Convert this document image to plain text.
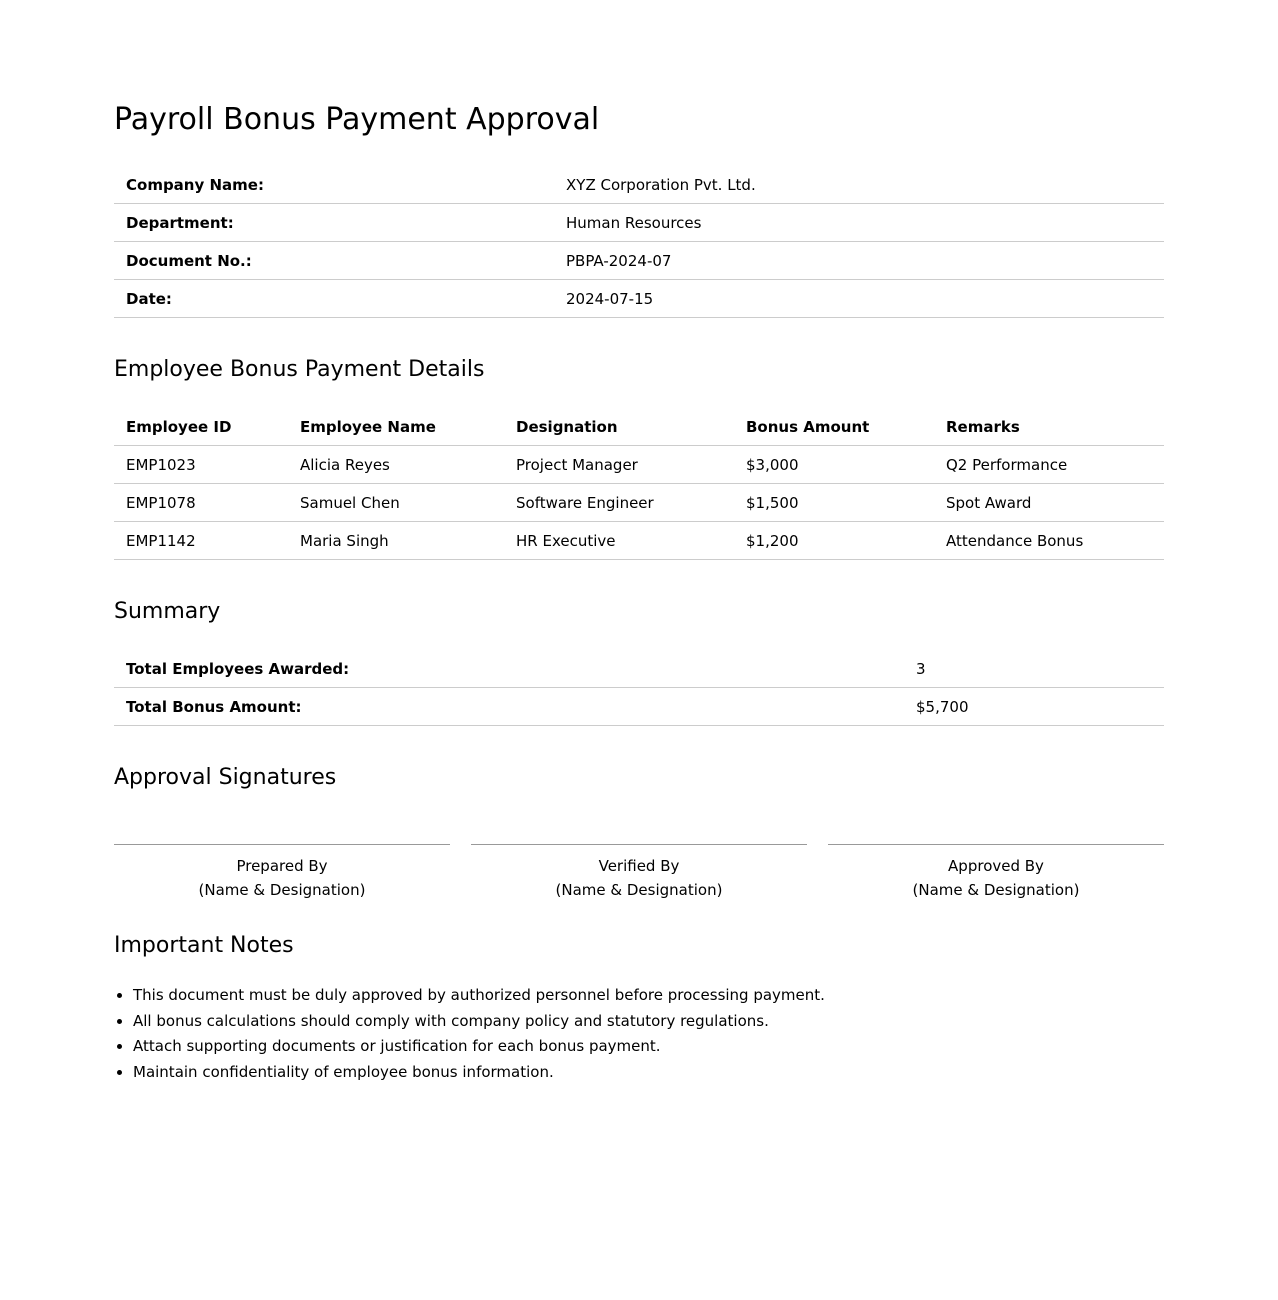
Payroll Bonus Payment Approval
Company Name:	XYZ Corporation Pvt. Ltd.
Department:	Human Resources
Document No.:	PBPA-2024-07
Date:	2024-07-15
Employee Bonus Payment Details
Employee ID	Employee Name	Designation	Bonus Amount	Remarks
EMP1023	Alicia Reyes	Project Manager	$3,000	Q2 Performance
EMP1078	Samuel Chen	Software Engineer	$1,500	Spot Award
EMP1142	Maria Singh	HR Executive	$1,200	Attendance Bonus
Summary
Total Employees Awarded:	3
Total Bonus Amount:	$5,700
Approval Signatures
Prepared By
(Name & Designation)
Verified By
(Name & Designation)
Approved By
(Name & Designation)
Important Notes
• This document must be duly approved by authorized personnel before processing payment.
• All bonus calculations should comply with company policy and statutory regulations.
• Attach supporting documents or justification for each bonus payment.
• Maintain confidentiality of employee bonus information.
